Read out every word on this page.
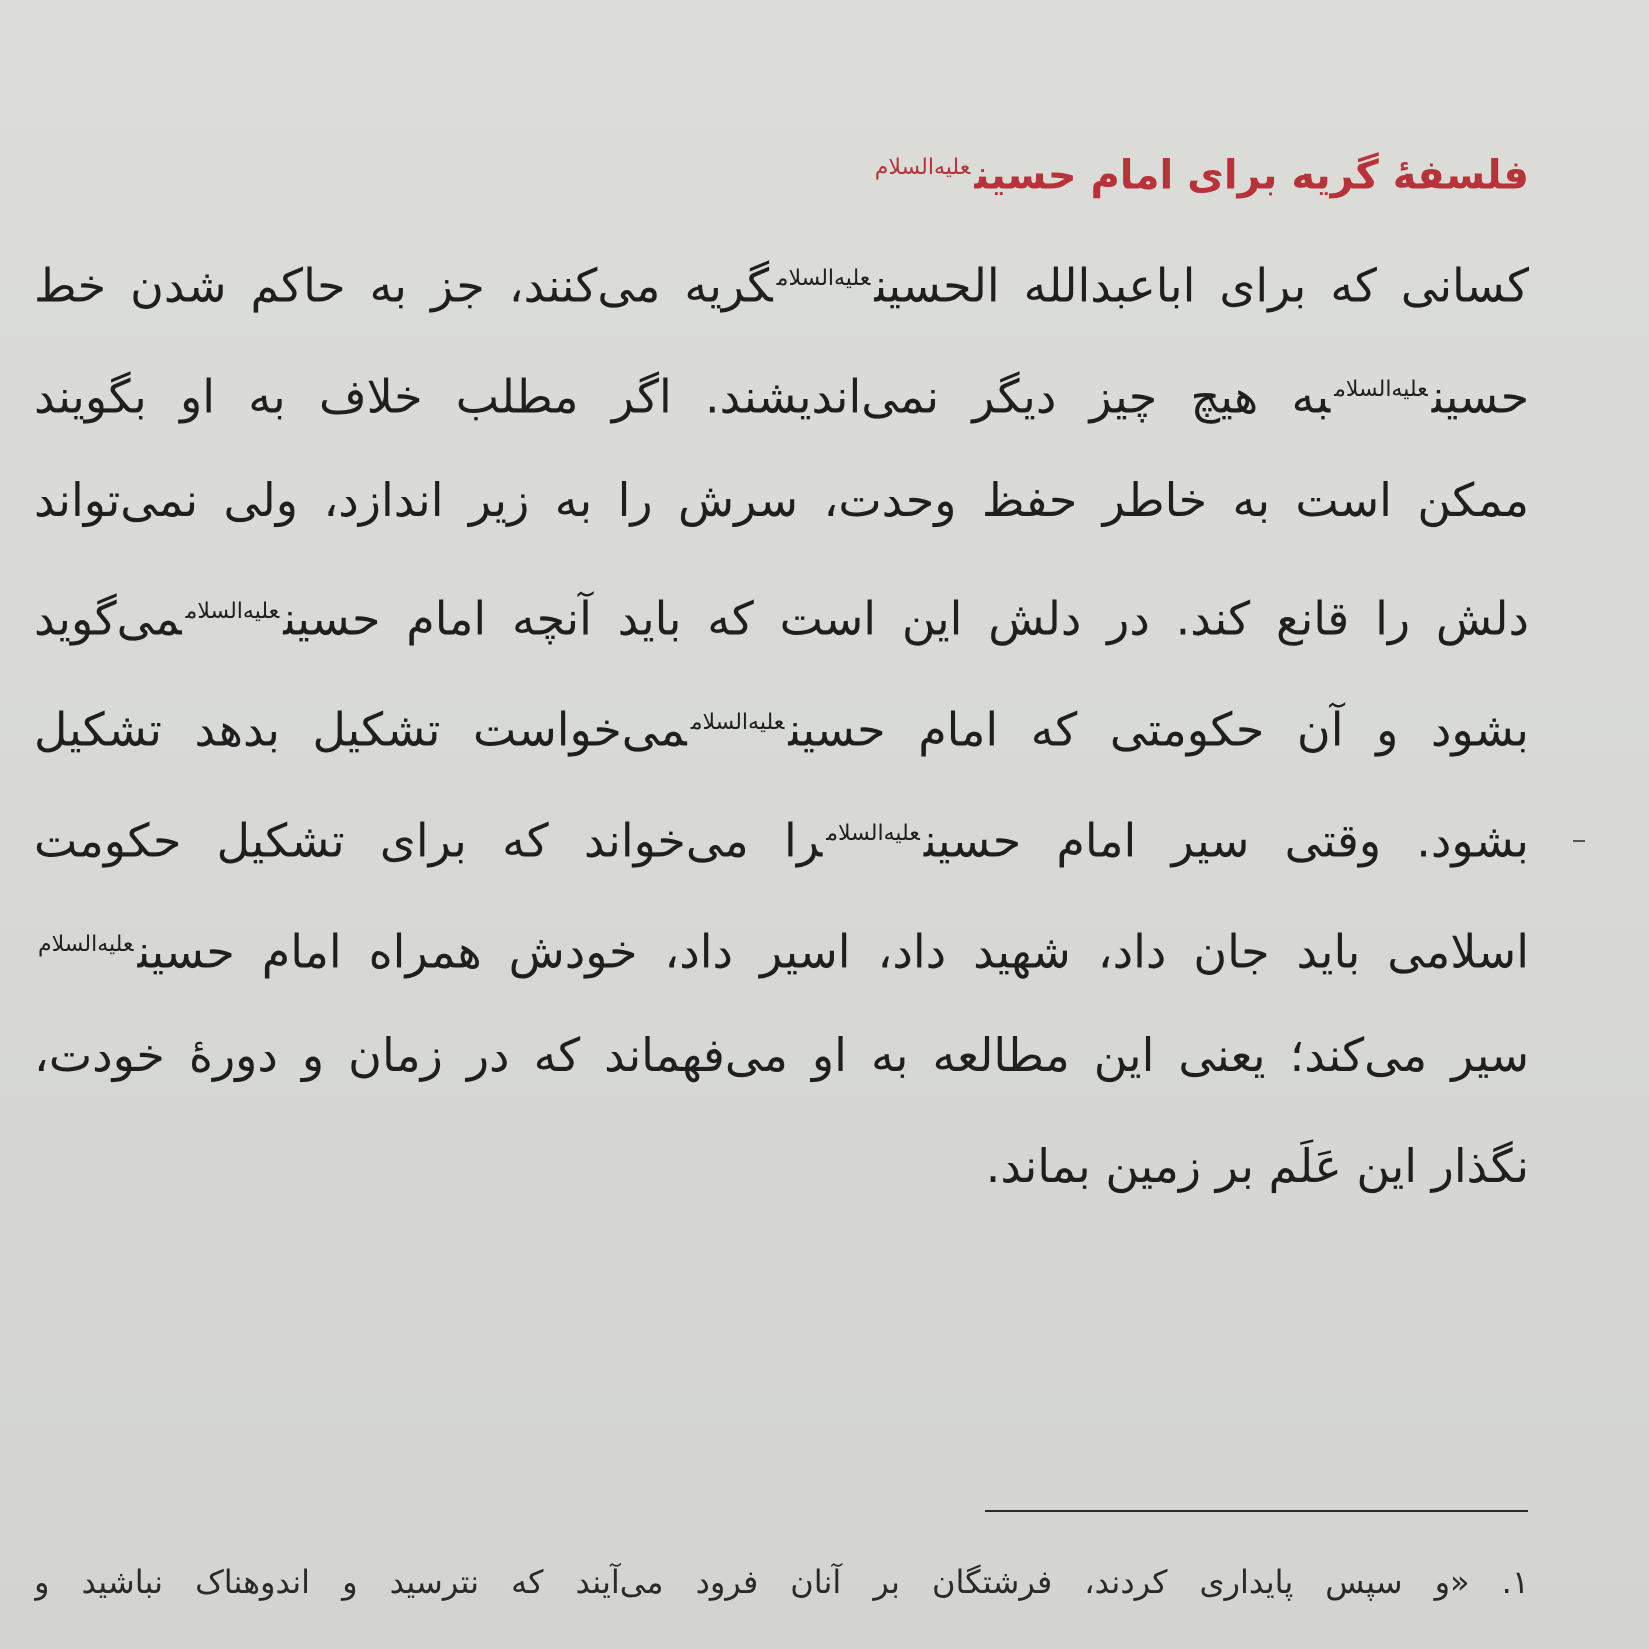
فلسفهٔ گریه برای امام حسین$^{علیه‌السلام}$
کسانی که برای اباعبدالله الحسین$^{علیه‌السلام}$گریه می‌کنند، جز به حاکم شدن خط
حسین$^{علیه‌السلام}$به هیچ چیز دیگر نمی‌اندیشند. اگر مطلب خلاف به او بگویند
ممکن است به خاطر حفظ وحدت، سرش را به زیر اندازد، ولی نمی‌تواند
دلش را قانع کند. در دلش این است که باید آنچه امام حسین$^{علیه‌السلام}$می‌گوید
بشود و آن حکومتی که امام حسین$^{علیه‌السلام}$می‌خواست تشکیل بدهد تشکیل
بشود. وقتی سیر امام حسین$^{علیه‌السلام}$را می‌خواند که برای تشکیل حکومت
اسلامی باید جان داد، شهید داد، اسیر داد، خودش همراه امام حسین$^{علیه‌السلام}$
سیر می‌کند؛ یعنی این مطالعه به او می‌فهماند که در زمان و دورهٔ خودت،
نگذار این عَلَم بر زمین بماند.
۱. «و سپس پایداری کردند، فرشتگان بر آنان فرود می‌آیند که نترسید و اندوهناک نباشید و
